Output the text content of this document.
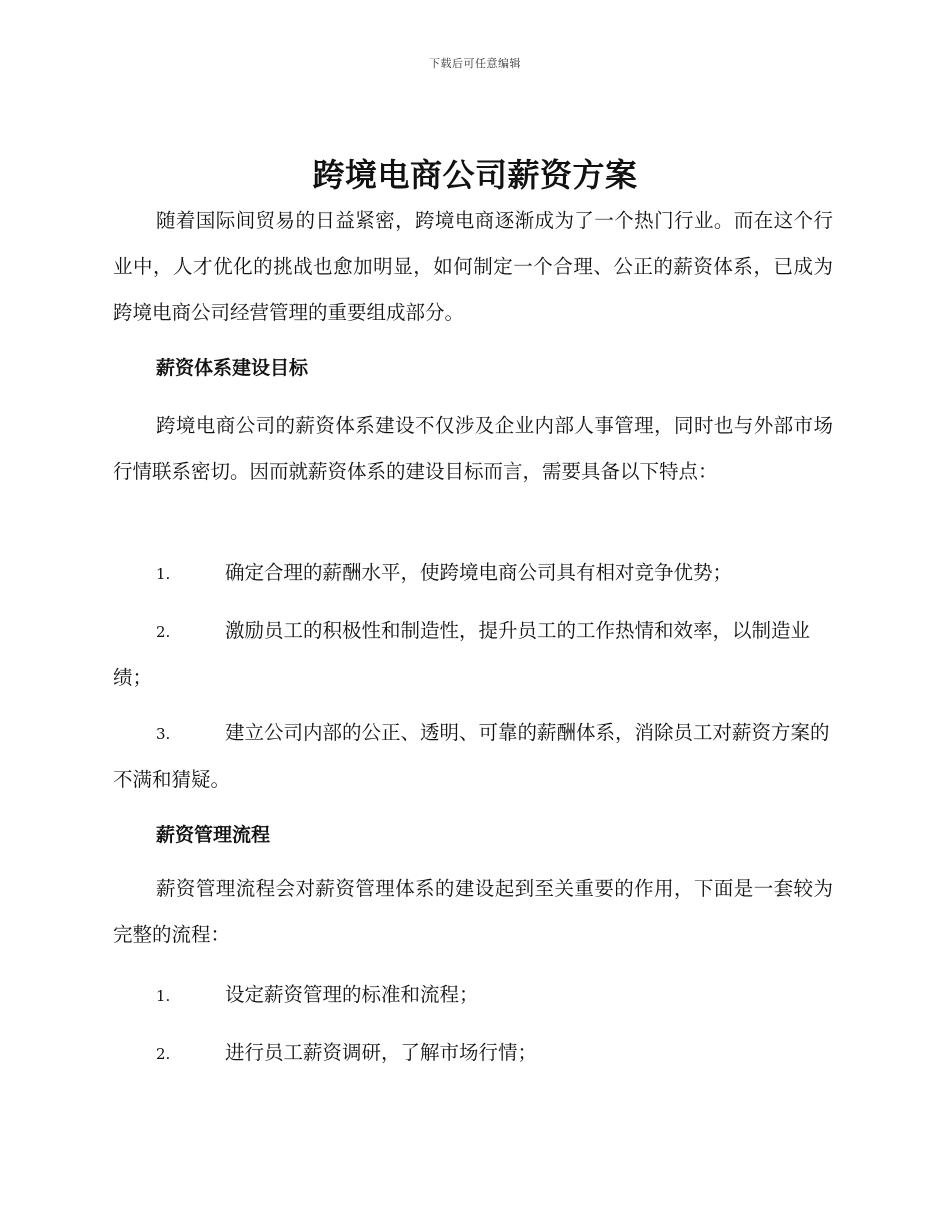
下载后可任意编辑
跨境电商公司薪资方案

随着国际间贸易的日益紧密，跨境电商逐渐成为了一个热门行业。而在这个行业中，人才优化的挑战也愈加明显，如何制定一个合理、公正的薪资体系，已成为跨境电商公司经营管理的重要组成部分。

薪资体系建设目标

跨境电商公司的薪资体系建设不仅涉及企业内部人事管理，同时也与外部市场行情联系密切。因而就薪资体系的建设目标而言，需要具备以下特点：

1.	确定合理的薪酬水平，使跨境电商公司具有相对竞争优势；

2.	激励员工的积极性和制造性，提升员工的工作热情和效率，以制造业绩；

3.	建立公司内部的公正、透明、可靠的薪酬体系，消除员工对薪资方案的不满和猜疑。

薪资管理流程

薪资管理流程会对薪资管理体系的建设起到至关重要的作用，下面是一套较为完整的流程：

1.	设定薪资管理的标准和流程；

2.	进行员工薪资调研，了解市场行情；
